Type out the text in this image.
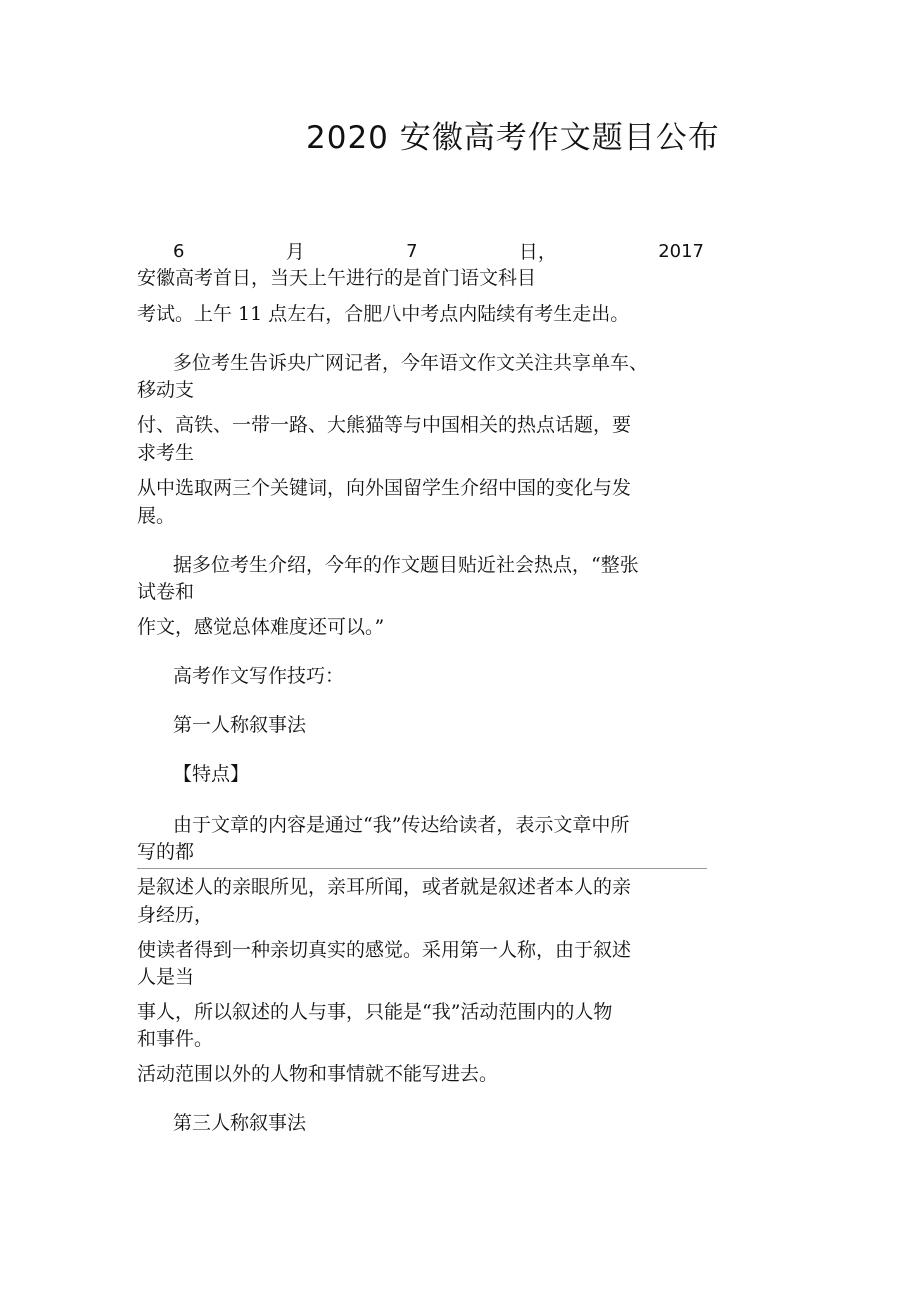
2020 安徽高考作文题目公布
6	月	7	日，	2017
安徽高考首日，当天上午进行的是首门语文科目
考试。上午 11 点左右，合肥八中考点内陆续有考生走出。
多位考生告诉央广网记者，今年语文作文关注共享单车、
移动支
付、高铁、一带一路、大熊猫等与中国相关的热点话题，要
求考生
从中选取两三个关键词，向外国留学生介绍中国的变化与发
展。
据多位考生介绍，今年的作文题目贴近社会热点，“整张
试卷和
作文，感觉总体难度还可以。”
高考作文写作技巧：
第一人称叙事法
【特点】
由于文章的内容是通过“我”传达给读者，表示文章中所
写的都
是叙述人的亲眼所见，亲耳所闻，或者就是叙述者本人的亲
身经历，
使读者得到一种亲切真实的感觉。采用第一人称，由于叙述
人是当
事人，所以叙述的人与事，只能是“我”活动范围内的人物
和事件。
活动范围以外的人物和事情就不能写进去。
第三人称叙事法
